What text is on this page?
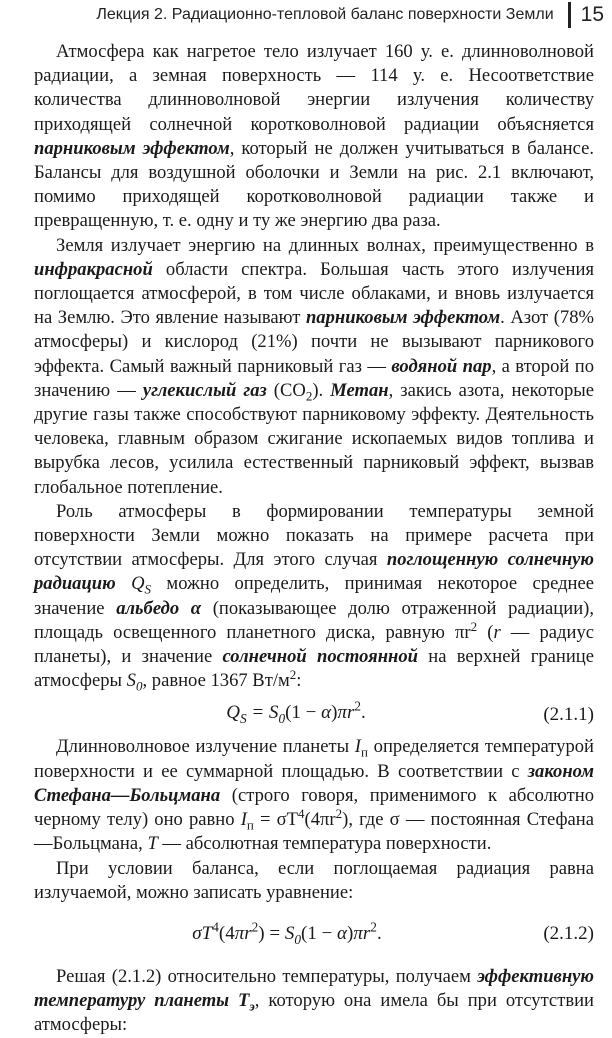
Лекция 2. Радиационно-тепловой баланс поверхности Земли 15

Атмосфера как нагретое тело излучает 160 у. е. длинноволновой радиации, а земная поверхность — 114 у. е. Несоответствие количества длинноволновой энергии излучения количеству приходящей солнечной коротковолновой радиации объясняется парниковым эффектом, который не должен учитываться в балансе. Балансы для воздушной оболочки и Земли на рис. 2.1 включают, помимо приходящей коротковолновой радиации также и превращенную, т. е. одну и ту же энергию два раза.

Земля излучает энергию на длинных волнах, преимущественно в инфракрасной области спектра. Большая часть этого излучения поглощается атмосферой, в том числе облаками, и вновь излучается на Землю. Это явление называют парниковым эффектом. Азот (78% атмосферы) и кислород (21%) почти не вызывают парникового эффекта. Самый важный парниковый газ — водяной пар, а второй по значению — углекислый газ $(CO_2)$. Метан, закись азота, некоторые другие газы также способствуют парниковому эффекту. Деятельность человека, главным образом сжигание ископаемых видов топлива и вырубка лесов, усилила естественный парниковый эффект, вызвав глобальное потепление.

Роль атмосферы в формировании температуры земной поверхности Земли можно показать на примере расчета при отсутствии атмосферы. Для этого случая поглощенную солнечную радиацию $Q_S$ можно определить, принимая некоторое среднее значение альбедо α (показывающее долю отраженной радиации), площадь освещенного планетного диска, равную $\pi r^2$ (r — радиус планеты), и значение солнечной постоянной на верхней границе атмосферы $S_0$, равное 1367 $Вт/м^2$:

$Q_S = S_0(1 - \alpha)\pi r^2$.	(2.1.1)

Длинноволновое излучение планеты $I_п$ определяется температурой поверхности и ее суммарной площадью. В соответствии с законом Стефана—Больцмана (строго говоря, применимого к абсолютно черному телу) оно равно $I_п = \sigma T^4(4\pi r^2)$, где σ — постоянная Стефана—Больцмана, T — абсолютная температура поверхности.

При условии баланса, если поглощаемая радиация равна излучаемой, можно записать уравнение:

$\sigma T^4(4\pi r^2) = S_0(1 - \alpha)\pi r^2$.	(2.1.2)

Решая (2.1.2) относительно температуры, получаем эффективную температуру планеты $T_э$, которую она имела бы при отсутствии атмосферы:
